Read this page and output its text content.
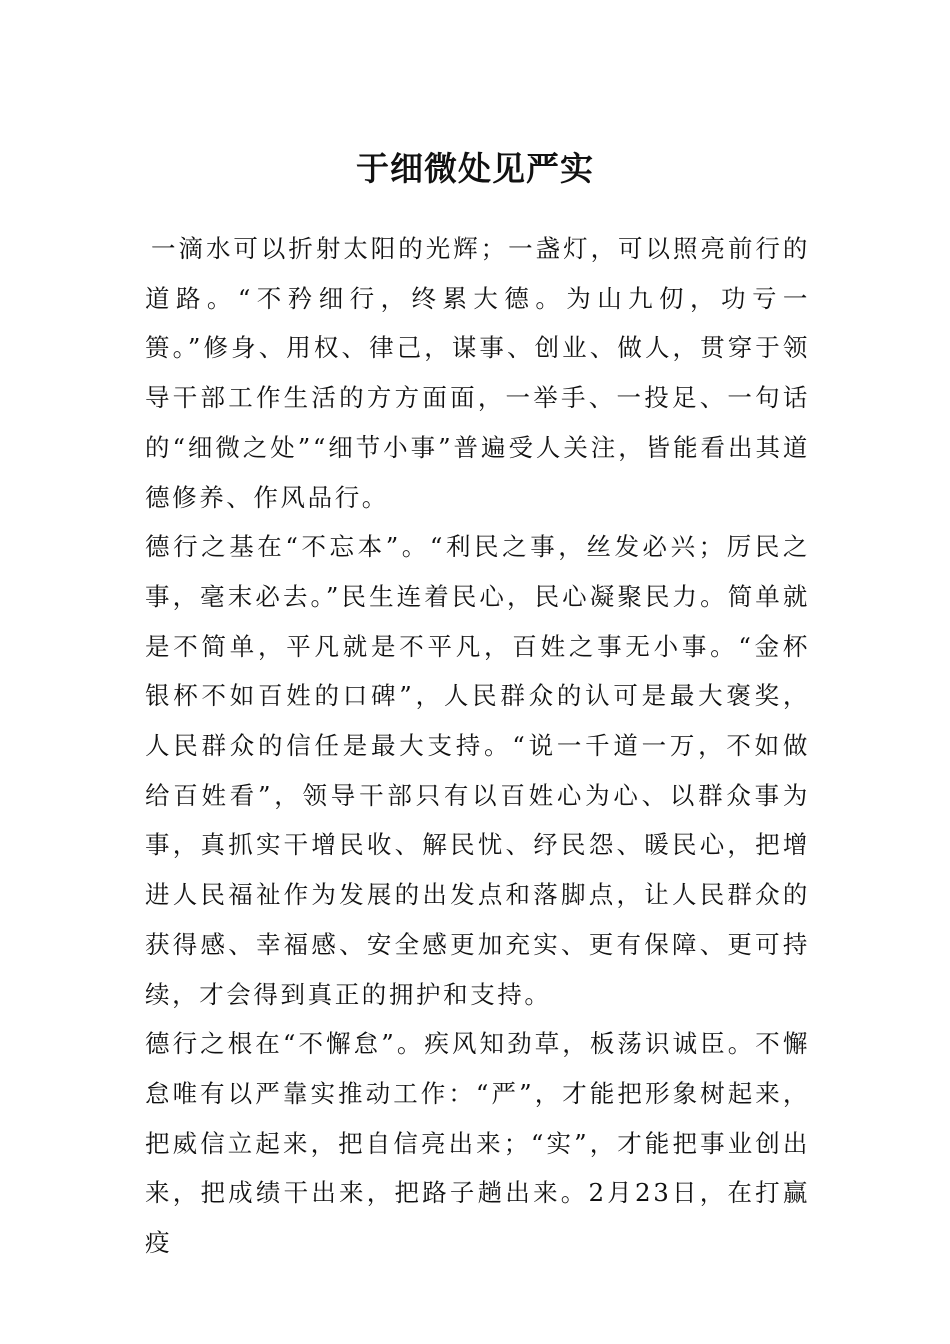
于细微处见严实

一滴水可以折射太阳的光辉；一盏灯，可以照亮前行的道路。“不矜细行，终累大德。为山九仞，功亏一篑。”修身、用权、律己，谋事、创业、做人，贯穿于领导干部工作生活的方方面面，一举手、一投足、一句话的“细微之处”“细节小事”普遍受人关注，皆能看出其道德修养、作风品行。

德行之基在“不忘本”。“利民之事，丝发必兴；厉民之事，毫末必去。”民生连着民心，民心凝聚民力。简单就是不简单，平凡就是不平凡，百姓之事无小事。“金杯银杯不如百姓的口碑”，人民群众的认可是最大褒奖，人民群众的信任是最大支持。“说一千道一万，不如做给百姓看”，领导干部只有以百姓心为心、以群众事为事，真抓实干增民收、解民忧、纾民怨、暖民心，把增进人民福祉作为发展的出发点和落脚点，让人民群众的获得感、幸福感、安全感更加充实、更有保障、更可持续，才会得到真正的拥护和支持。

德行之根在“不懈怠”。疾风知劲草，板荡识诚臣。不懈怠唯有以严靠实推动工作：“严”，才能把形象树起来，把威信立起来，把自信亮出来；“实”，才能把事业创出来，把成绩干出来，把路子趟出来。2月23日，在打赢疫
